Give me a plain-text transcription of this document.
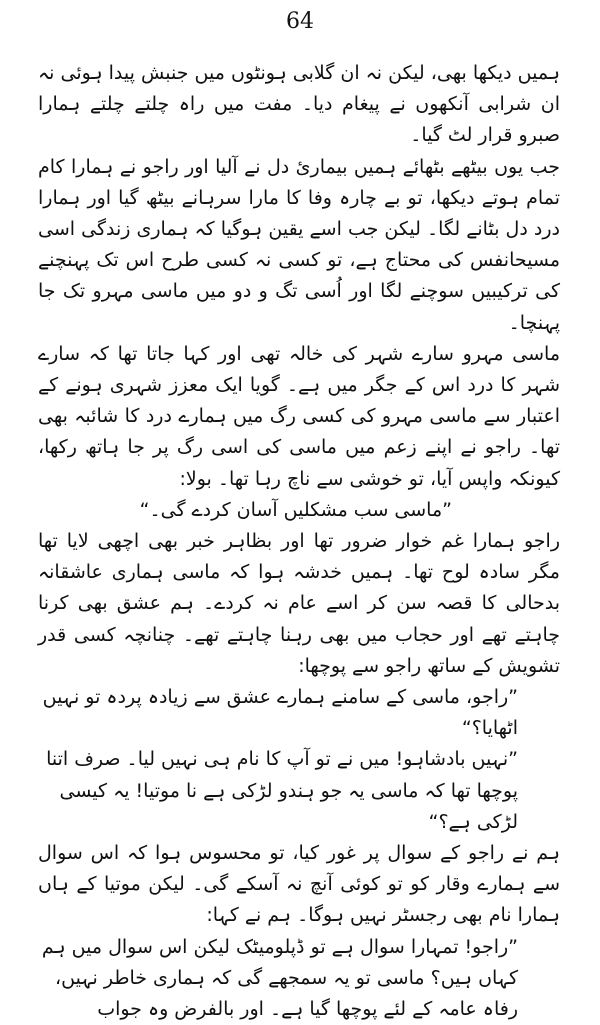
64

ہمیں دیکھا بھی، لیکن نہ ان گلابی ہونٹوں میں جنبش پیدا ہوئی نہ ان شرابی آنکھوں نے پیغام دیا۔ مفت میں راہ چلتے چلتے ہمارا صبرو قرار لٹ گیا۔

جب یوں بیٹھے بٹھائے ہمیں بیماریٔ دل نے آلیا اور راجو نے ہمارا کام تمام ہوتے دیکھا، تو بے چارہ وفا کا مارا سرہانے بیٹھ گیا اور ہمارا درد دل بٹانے لگا۔ لیکن جب اسے یقین ہوگیا کہ ہماری زندگی اسی مسیحانفس کی محتاج ہے، تو کسی نہ کسی طرح اس تک پہنچنے کی ترکیبیں سوچنے لگا اور اُسی تگ و دو میں ماسی مہرو تک جا پہنچا۔

ماسی مہرو سارے شہر کی خالہ تھی اور کہا جاتا تھا کہ سارے شہر کا درد اس کے جگر میں ہے۔ گویا ایک معزز شہری ہونے کے اعتبار سے ماسی مہرو کی کسی رگ میں ہمارے درد کا شائبہ بھی تھا۔ راجو نے اپنے زعم میں ماسی کی اسی رگ پر جا ہاتھ رکھا، کیونکہ واپس آیا، تو خوشی سے ناچ رہا تھا۔ بولا:

”ماسی سب مشکلیں آسان کردے گی۔“

راجو ہمارا غم خوار ضرور تھا اور بظاہر خبر بھی اچھی لایا تھا مگر سادہ لوح تھا۔ ہمیں خدشہ ہوا کہ ماسی ہماری عاشقانہ بدحالی کا قصہ سن کر اسے عام نہ کردے۔ ہم عشق بھی کرنا چاہتے تھے اور حجاب میں بھی رہنا چاہتے تھے۔ چنانچہ کسی قدر تشویش کے ساتھ راجو سے پوچھا:

”راجو، ماسی کے سامنے ہمارے عشق سے زیادہ پردہ تو نہیں اٹھایا؟“

”نہیں بادشاہو! میں نے تو آپ کا نام ہی نہیں لیا۔ صرف اتنا پوچھا تھا کہ ماسی یہ جو ہندو لڑکی ہے نا موتیا! یہ کیسی لڑکی ہے؟“

ہم نے راجو کے سوال پر غور کیا، تو محسوس ہوا کہ اس سوال سے ہمارے وقار کو تو کوئی آنچ نہ آسکے گی۔ لیکن موتیا کے ہاں ہمارا نام بھی رجسٹر نہیں ہوگا۔ ہم نے کہا:

”راجو! تمہارا سوال ہے تو ڈپلومیٹک لیکن اس سوال میں ہم کہاں ہیں؟ ماسی تو یہ سمجھے گی کہ ہماری خاطر نہیں، رفاہ عامہ کے لئے پوچھا گیا ہے۔ اور بالفرض وہ جواب
